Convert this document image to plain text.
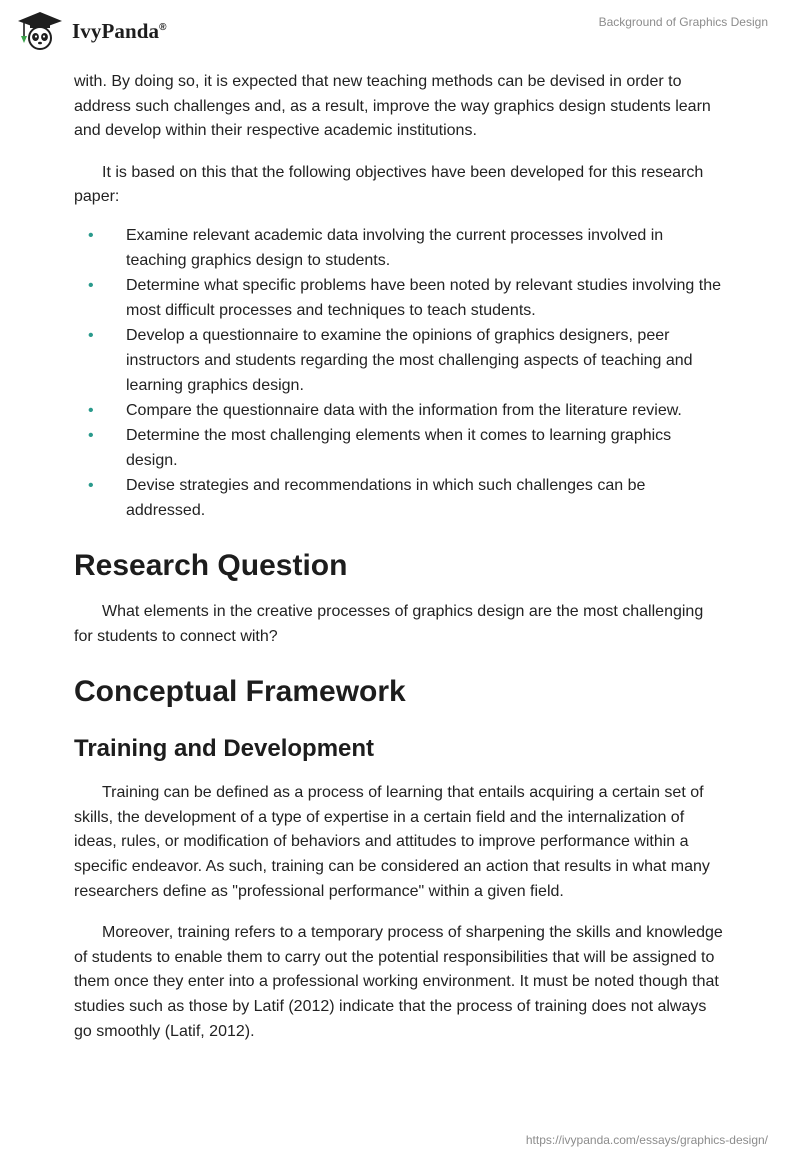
IvyPanda®	Background of Graphics Design

with. By doing so, it is expected that new teaching methods can be devised in order to address such challenges and, as a result, improve the way graphics design students learn and develop within their respective academic institutions.

It is based on this that the following objectives have been developed for this research paper:

• Examine relevant academic data involving the current processes involved in teaching graphics design to students.
• Determine what specific problems have been noted by relevant studies involving the most difficult processes and techniques to teach students.
• Develop a questionnaire to examine the opinions of graphics designers, peer instructors and students regarding the most challenging aspects of teaching and learning graphics design.
• Compare the questionnaire data with the information from the literature review.
• Determine the most challenging elements when it comes to learning graphics design.
• Devise strategies and recommendations in which such challenges can be addressed.
Research Question

What elements in the creative processes of graphics design are the most challenging for students to connect with?

Conceptual Framework
Training and Development

Training can be defined as a process of learning that entails acquiring a certain set of skills, the development of a type of expertise in a certain field and the internalization of ideas, rules, or modification of behaviors and attitudes to improve performance within a specific endeavor. As such, training can be considered an action that results in what many researchers define as "professional performance" within a given field.

Moreover, training refers to a temporary process of sharpening the skills and knowledge of students to enable them to carry out the potential responsibilities that will be assigned to them once they enter into a professional working environment. It must be noted though that studies such as those by Latif (2012) indicate that the process of training does not always go smoothly (Latif, 2012).

https://ivypanda.com/essays/graphics-design/
